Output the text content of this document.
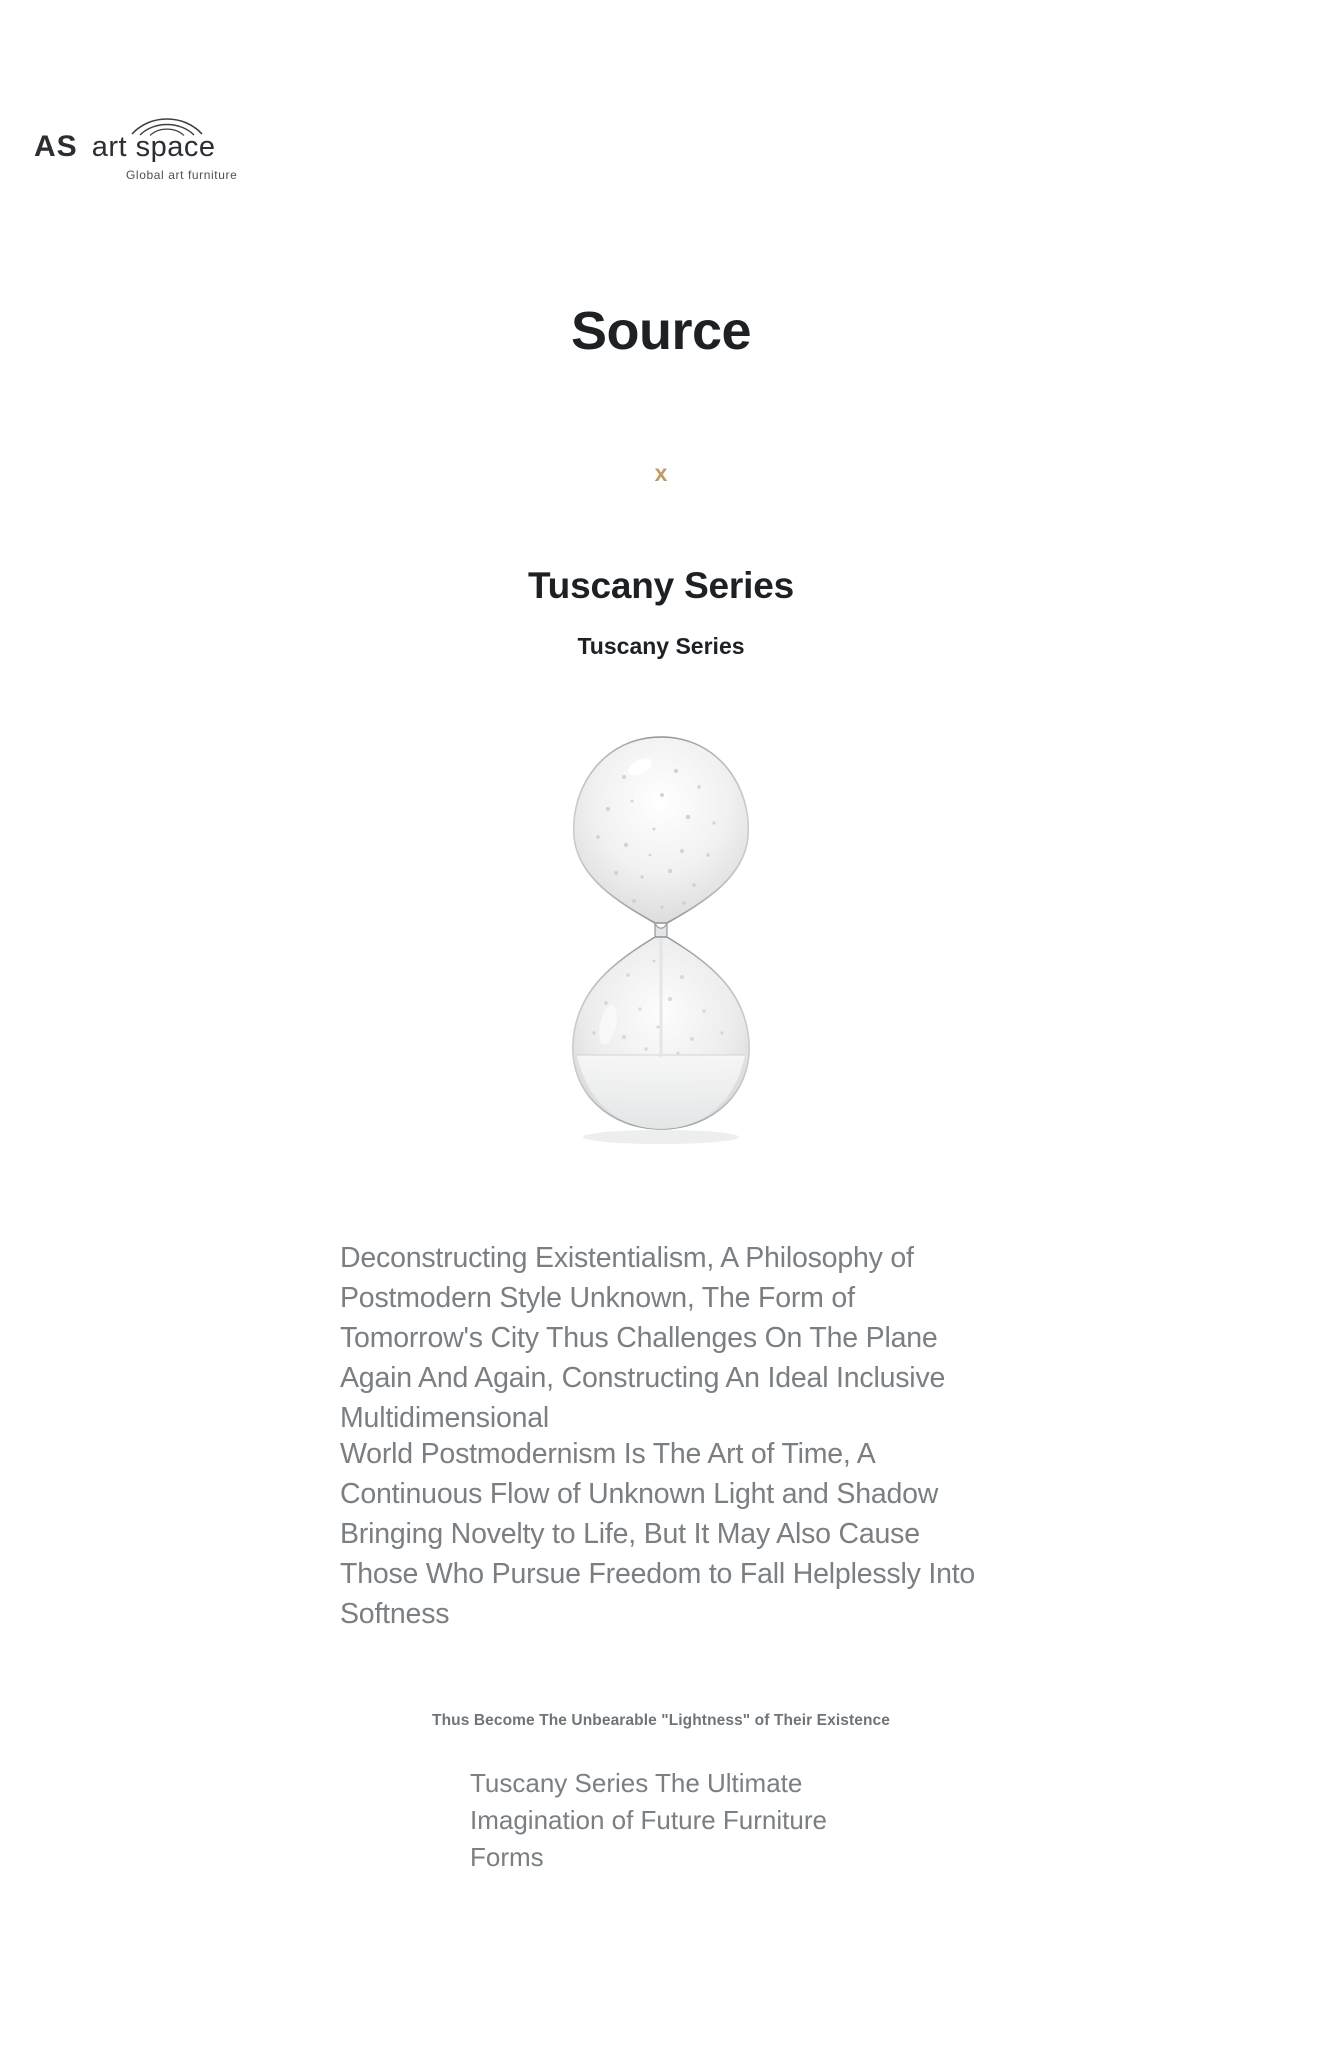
AS art space
Global art furniture
Source
x
Tuscany Series
Tuscany Series
Deconstructing Existentialism, A Philosophy of Postmodern Style Unknown, The Form of Tomorrow's City Thus Challenges On The Plane Again And Again, Constructing An Ideal Inclusive Multidimensional
World Postmodernism Is The Art of Time, A Continuous Flow of Unknown Light and Shadow Bringing Novelty to Life, But It May Also Cause Those Who Pursue Freedom to Fall Helplessly Into Softness
Thus Become The Unbearable "Lightness" of Their Existence
Tuscany Series The Ultimate Imagination of Future Furniture Forms
